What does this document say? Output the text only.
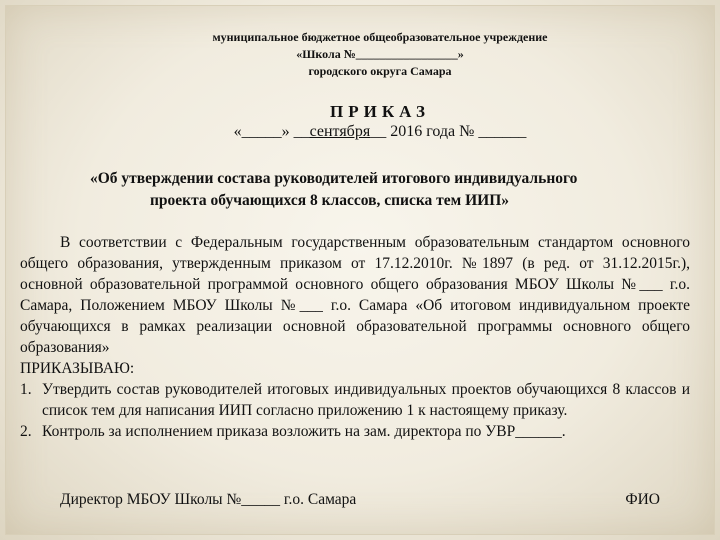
муниципальное бюджетное общеобразовательное учреждение
«Школа №_________________»
городского округа Самара
ПРИКАЗ
«_____» __сентября__ 2016 года № ______
«Об утверждении состава руководителей итогового индивидуального
проекта обучающихся 8 классов, списка тем ИИП»

В соответствии с Федеральным государственным образовательным стандартом основного общего образования, утвержденным приказом от 17.12.2010г. №1897 (в ред. от 31.12.2015г.), основной образовательной программой основного общего образования МБОУ Школы №___ г.о. Самара, Положением МБОУ Школы №___ г.о. Самара «Об итоговом индивидуальном проекте обучающихся в рамках реализации основной образовательной программы основного общего образования»

ПРИКАЗЫВАЮ:
1. Утвердить состав руководителей итоговых индивидуальных проектов обучающихся 8 классов и список тем для написания ИИП согласно приложению 1 к настоящему приказу.
2. Контроль за исполнением приказа возложить на зам. директора по УВР______.
Директор МБОУ Школы №_____ г.о. Самара	ФИО
